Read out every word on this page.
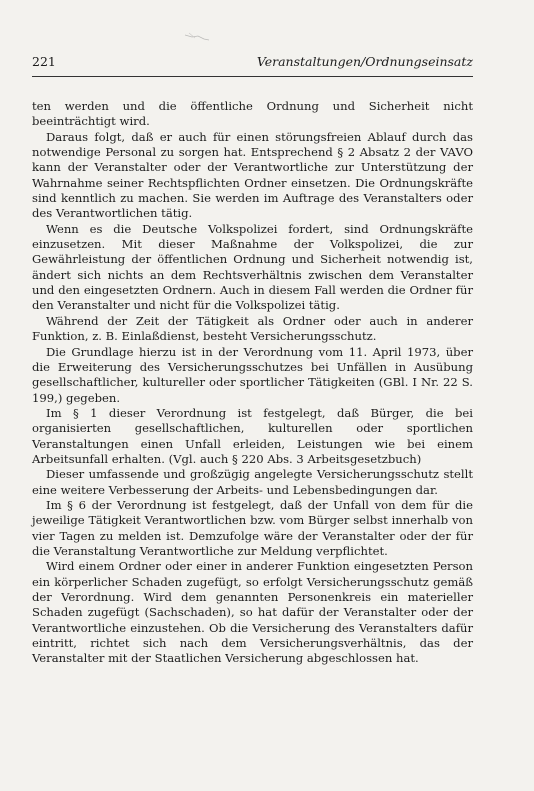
221	Veranstaltungen/Ordnungseinsatz

ten werden und die öffentliche Ordnung und Sicherheit nicht beeinträchtigt wird.

Daraus folgt, daß er auch für einen störungsfreien Ablauf durch das notwendige Personal zu sorgen hat. Entsprechend § 2 Absatz 2 der VAVO kann der Veranstalter oder der Verantwortliche zur Unterstützung der Wahrnahme seiner Rechtspflichten Ordner einsetzen. Die Ordnungskräfte sind kenntlich zu machen. Sie werden im Auftrage des Veranstalters oder des Verantwortlichen tätig.

Wenn es die Deutsche Volkspolizei fordert, sind Ordnungskräfte einzusetzen. Mit dieser Maßnahme der Volkspolizei, die zur Gewährleistung der öffentlichen Ordnung und Sicherheit notwendig ist, ändert sich nichts an dem Rechtsverhältnis zwischen dem Veranstalter und den eingesetzten Ordnern. Auch in diesem Fall werden die Ordner für den Veranstalter und nicht für die Volkspolizei tätig.

Während der Zeit der Tätigkeit als Ordner oder auch in anderer Funktion, z. B. Einlaßdienst, besteht Versicherungsschutz.

Die Grundlage hierzu ist in der Verordnung vom 11. April 1973, über die Erweiterung des Versicherungsschutzes bei Unfällen in Ausübung gesellschaftlicher, kultureller oder sportlicher Tätigkeiten (GBl. I Nr. 22 S. 199,) gegeben.

Im § 1 dieser Verordnung ist festgelegt, daß Bürger, die bei organisierten gesellschaftlichen, kulturellen oder sportlichen Veranstaltungen einen Unfall erleiden, Leistungen wie bei einem Arbeitsunfall erhalten. (Vgl. auch § 220 Abs. 3 Arbeitsgesetzbuch)

Dieser umfassende und großzügig angelegte Versicherungsschutz stellt eine weitere Verbesserung der Arbeits- und Lebensbedingungen dar.

Im § 6 der Verordnung ist festgelegt, daß der Unfall von dem für die jeweilige Tätigkeit Verantwortlichen bzw. vom Bürger selbst innerhalb von vier Tagen zu melden ist. Demzufolge wäre der Veranstalter oder der für die Veranstaltung Verantwortliche zur Meldung verpflichtet.

Wird einem Ordner oder einer in anderer Funktion eingesetzten Person ein körperlicher Schaden zugefügt, so erfolgt Versicherungsschutz gemäß der Verordnung. Wird dem genannten Personenkreis ein materieller Schaden zugefügt (Sachschaden), so hat dafür der Veranstalter oder der Verantwortliche einzustehen. Ob die Versicherung des Veranstalters dafür eintritt, richtet sich nach dem Versicherungsverhältnis, das der Veranstalter mit der Staatlichen Versicherung abgeschlossen hat.
